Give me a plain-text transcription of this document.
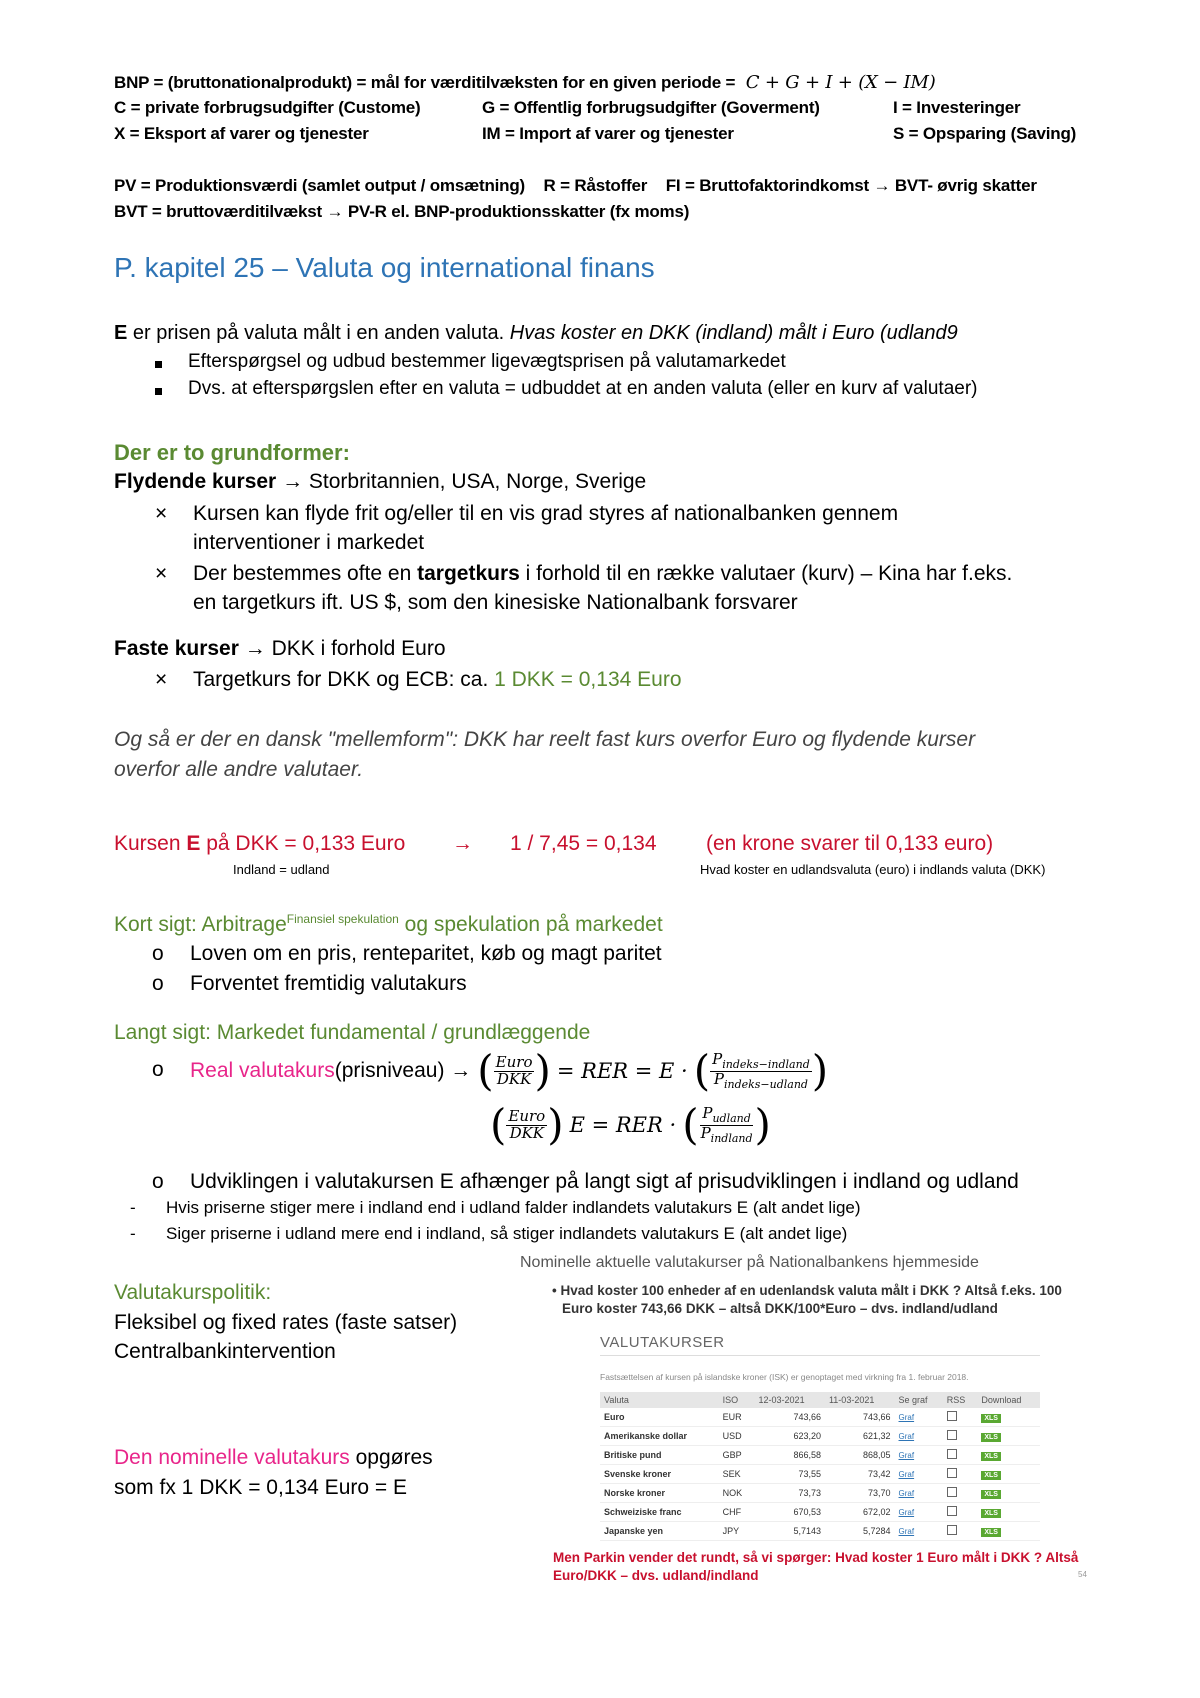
BNP = (bruttonationalprodukt) = mål for værditilvæksten for en given periode = C + G + I + (X − IM)
C = private forbrugsudgifter (Custome)	G = Offentlig forbrugsudgifter (Goverment)	I = Investeringer
X = Eksport af varer og tjenester	IM = Import af varer og tjenester	S = Opsparing (Saving)
PV = Produktionsværdi (samlet output / omsætning) R = Råstoffer FI = Bruttofaktorindkomst → BVT- øvrig skatter
BVT = bruttoværditilvækst → PV-R el. BNP-produktionsskatter (fx moms)
P. kapitel 25 – Valuta og international finans
E er prisen på valuta målt i en anden valuta. Hvas koster en DKK (indland) målt i Euro (udland9
Efterspørgsel og udbud bestemmer ligevægtsprisen på valutamarkedet
Dvs. at efterspørgslen efter en valuta = udbuddet at en anden valuta (eller en kurv af valutaer)
Der er to grundformer:
Flydende kurser → Storbritannien, USA, Norge, Sverige
× Kursen kan flyde frit og/eller til en vis grad styres af nationalbanken gennem
interventioner i markedet
× Der bestemmes ofte en targetkurs i forhold til en række valutaer (kurv) – Kina har f.eks.
en targetkurs ift. US $, som den kinesiske Nationalbank forsvarer
Faste kurser → DKK i forhold Euro
× Targetkurs for DKK og ECB: ca. 1 DKK = 0,134 Euro
Og så er der en dansk "mellemform": DKK har reelt fast kurs overfor Euro og flydende kurser
overfor alle andre valutaer.
Kursen E på DKK = 0,133 Euro → 1 / 7,45 = 0,134 (en krone svarer til 0,133 euro)
Indland = udland	Hvad koster en udlandsvaluta (euro) i indlands valuta (DKK)
Kort sigt: Arbitrage$^{Finansiel spekulation}$ og spekulation på markedet
o Loven om en pris, renteparitet, køb og magt paritet
o Forventet fremtidig valutakurs
Langt sigt: Markedet fundamental / grundlæggende
o Real valutakurs (prisniveau) → ( $\frac{\text{Euro}}{\text{DKK}}$ ) = RER = E · ( $\frac{P_{indeks-indland}}{P_{indeks-udland}}$ )
( $\frac{\text{Euro}}{\text{DKK}}$ ) E = RER · ( $\frac{P_{udland}}{P_{indland}}$ )
o Udviklingen i valutakursen E afhænger på langt sigt af prisudviklingen i indland og udland
- Hvis priserne stiger mere i indland end i udland falder indlandets valutakurs E (alt andet lige)
- Siger priserne i udland mere end i indland, så stiger indlandets valutakurs E (alt andet lige)
Valutakurspolitik:
Fleksibel og fixed rates (faste satser)
Centralbankintervention
Den nominelle valutakurs opgøres
som fx 1 DKK = 0,134 Euro = E
Nominelle aktuelle valutakurser på Nationalbankens hjemmeside
• Hvad koster 100 enheder af en udenlandsk valuta målt i DKK ? Altså f.eks. 100
Euro koster 743,66 DKK – altså DKK/100*Euro – dvs. indland/udland
VALUTAKURSER
Fastsættelsen af kursen på islandske kroner (ISK) er genoptaget med virkning fra 1. februar 2018.
Valuta	ISO	12-03-2021	11-03-2021	Se graf	RSS	Download
Euro	EUR	743,66	743,66	Graf		XLS
Amerikanske dollar	USD	623,20	621,32	Graf		XLS
Britiske pund	GBP	866,58	868,05	Graf		XLS
Svenske kroner	SEK	73,55	73,42	Graf		XLS
Norske kroner	NOK	73,73	73,70	Graf		XLS
Schweiziske franc	CHF	670,53	672,02	Graf		XLS
Japanske yen	JPY	5,7143	5,7284	Graf		XLS
Men Parkin vender det rundt, så vi spørger: Hvad koster 1 Euro målt i DKK ? Altså
Euro/DKK – dvs. udland/indland	54
